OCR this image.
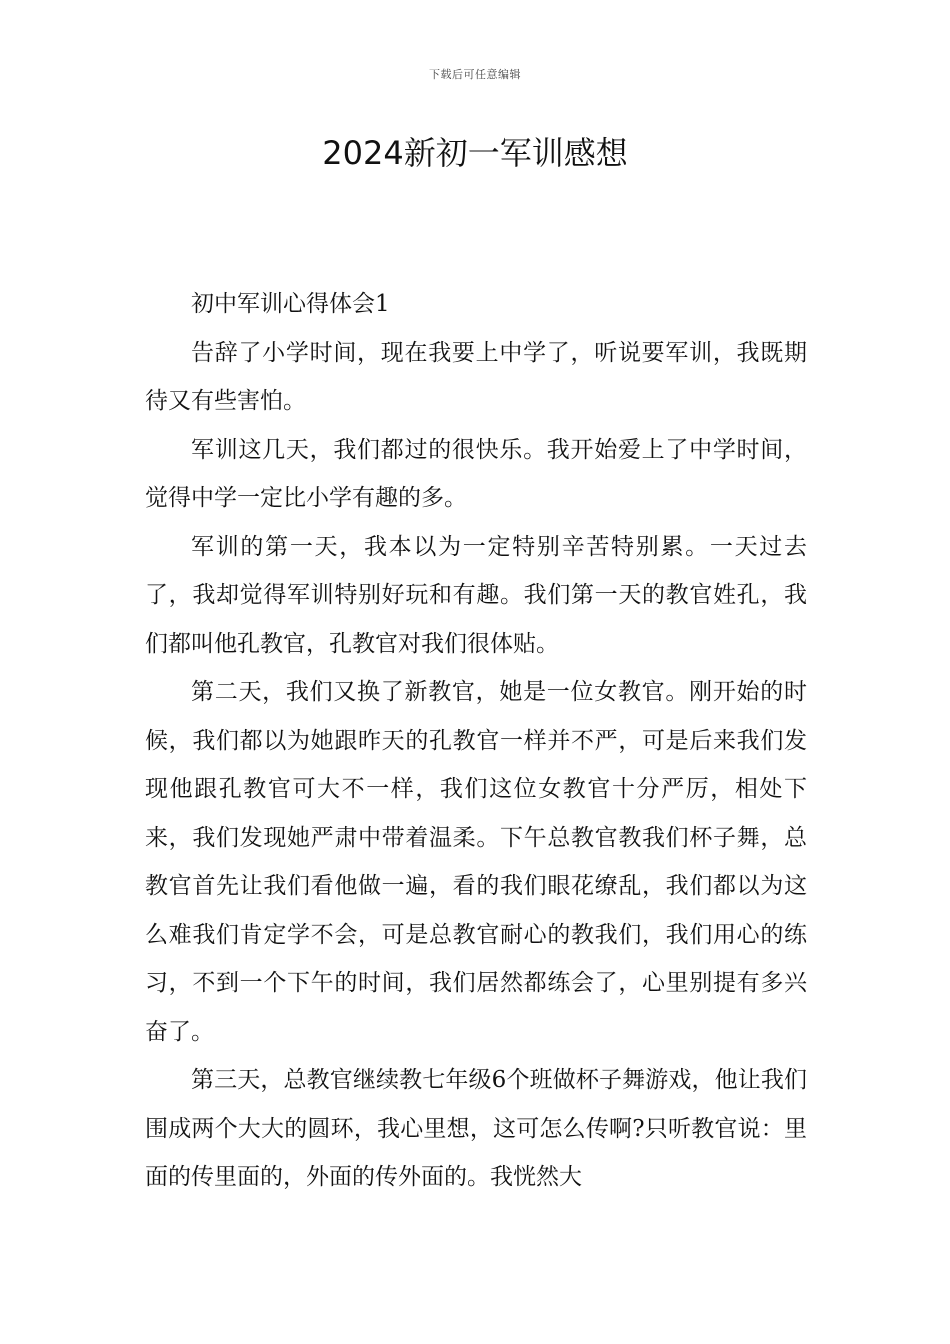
下载后可任意编辑
2024新初一军训感想

初中军训心得体会1

告辞了小学时间，现在我要上中学了，听说要军训，我既期待又有些害怕。

军训这几天，我们都过的很快乐。我开始爱上了中学时间，觉得中学一定比小学有趣的多。

军训的第一天，我本以为一定特别辛苦特别累。一天过去了，我却觉得军训特别好玩和有趣。我们第一天的教官姓孔，我们都叫他孔教官，孔教官对我们很体贴。

第二天，我们又换了新教官，她是一位女教官。刚开始的时候，我们都以为她跟昨天的孔教官一样并不严，可是后来我们发现他跟孔教官可大不一样，我们这位女教官十分严厉，相处下来，我们发现她严肃中带着温柔。下午总教官教我们杯子舞，总教官首先让我们看他做一遍，看的我们眼花缭乱，我们都以为这么难我们肯定学不会，可是总教官耐心的教我们，我们用心的练习，不到一个下午的时间，我们居然都练会了，心里别提有多兴奋了。

第三天，总教官继续教七年级6个班做杯子舞游戏，他让我们围成两个大大的圆环，我心里想，这可怎么传啊?只听教官说：里面的传里面的，外面的传外面的。我恍然大
